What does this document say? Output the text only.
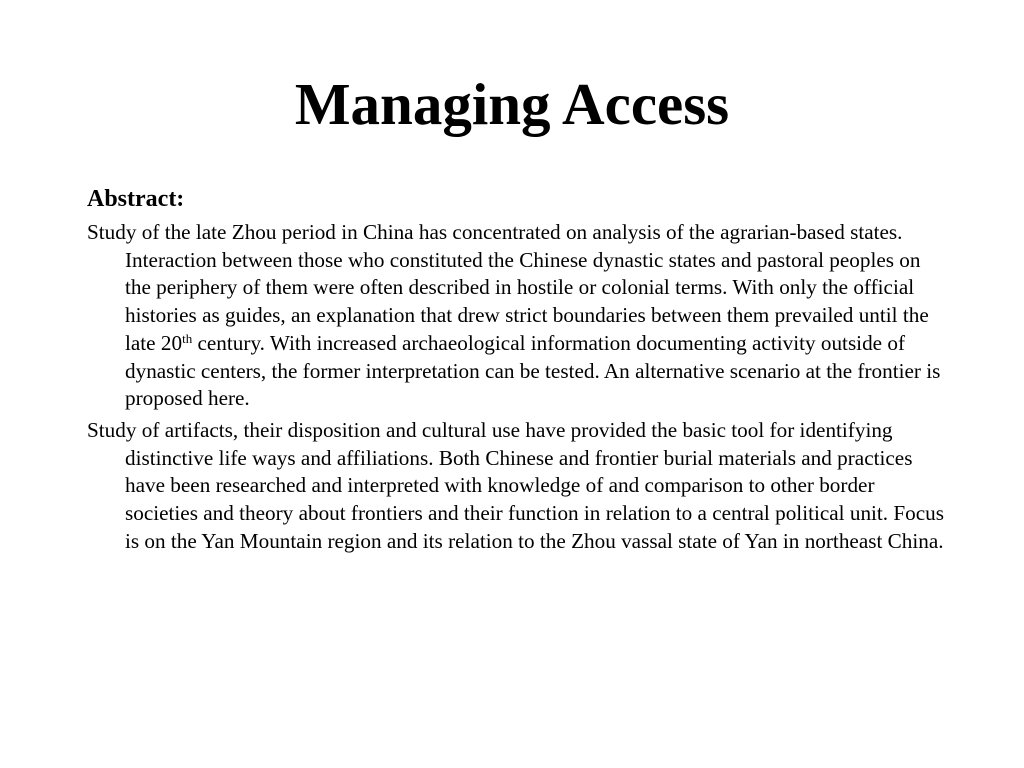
Managing Access
Abstract:

Study of the late Zhou period in China has concentrated on analysis of the agrarian-based states. Interaction between those who constituted the Chinese dynastic states and pastoral peoples on the periphery of them were often described in hostile or colonial terms. With only the official histories as guides, an explanation that drew strict boundaries between them prevailed until the late 20th century. With increased archaeological information documenting activity outside of dynastic centers, the former interpretation can be tested. An alternative scenario at the frontier is proposed here.

Study of artifacts, their disposition and cultural use have provided the basic tool for identifying distinctive life ways and affiliations. Both Chinese and frontier burial materials and practices have been researched and interpreted with knowledge of and comparison to other border societies and theory about frontiers and their function in relation to a central political unit. Focus is on the Yan Mountain region and its relation to the Zhou vassal state of Yan in northeast China.
